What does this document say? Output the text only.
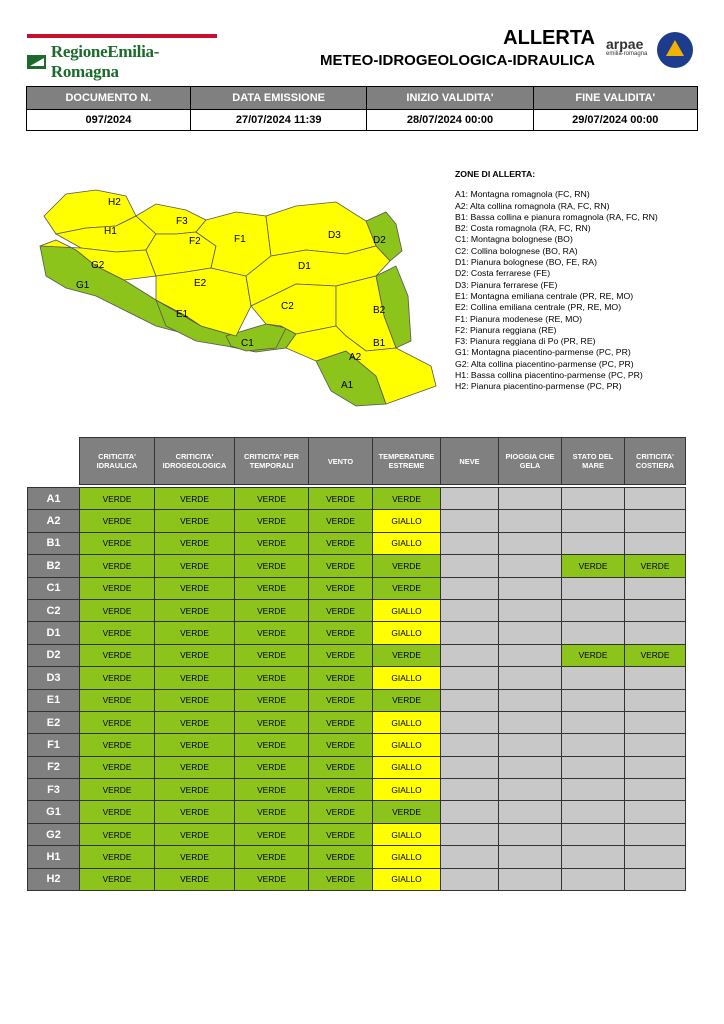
RegioneEmilia-Romagna
ALLERTA
METEO-IDROGEOLOGICA-IDRAULICA
arpae
emilia-romagna
DOCUMENTO N.	DATA EMISSIONE	INIZIO VALIDITA'	FINE VALIDITA'
097/2024	27/07/2024 11:39	28/07/2024 00:00	29/07/2024 00:00
H2
H1
G2
G1
F3
F2	F1
E2
E1
C1
C2
D1
D3	D2
B2
B1
A2
A1
ZONE DI ALLERTA:
A1: Montagna romagnola (FC, RN)
A2: Alta collina romagnola (RA, FC, RN)
B1: Bassa collina e pianura romagnola (RA, FC, RN)
B2: Costa romagnola (RA, FC, RN)
C1: Montagna bolognese (BO)
C2: Collina bolognese (BO, RA)
D1: Pianura bolognese (BO, FE, RA)
D2: Costa ferrarese (FE)
D3: Pianura ferrarese (FE)
E1: Montagna emiliana centrale (PR, RE, MO)
E2: Collina emiliana centrale (PR, RE, MO)
F1: Pianura modenese (RE, MO)
F2: Pianura reggiana (RE)
F3: Pianura reggiana di Po (PR, RE)
G1: Montagna piacentino-parmense (PC, PR)
G2: Alta collina piacentino-parmense (PC, PR)
H1: Bassa collina piacentino-parmense (PC, PR)
H2: Pianura piacentino-parmense (PC, PR)
	CRITICITA' IDRAULICA	CRITICITA' IDROGEOLOGICA	CRITICITA' PER TEMPORALI	VENTO	TEMPERATURE ESTREME	NEVE	PIOGGIA CHE GELA	STATO DEL MARE	CRITICITA' COSTIERA

A1	VERDE	VERDE	VERDE	VERDE	VERDE				
A2	VERDE	VERDE	VERDE	VERDE	GIALLO				
B1	VERDE	VERDE	VERDE	VERDE	GIALLO				
B2	VERDE	VERDE	VERDE	VERDE	VERDE			VERDE	VERDE
C1	VERDE	VERDE	VERDE	VERDE	VERDE				
C2	VERDE	VERDE	VERDE	VERDE	GIALLO				
D1	VERDE	VERDE	VERDE	VERDE	GIALLO				
D2	VERDE	VERDE	VERDE	VERDE	VERDE			VERDE	VERDE
D3	VERDE	VERDE	VERDE	VERDE	GIALLO				
E1	VERDE	VERDE	VERDE	VERDE	VERDE				
E2	VERDE	VERDE	VERDE	VERDE	GIALLO				
F1	VERDE	VERDE	VERDE	VERDE	GIALLO				
F2	VERDE	VERDE	VERDE	VERDE	GIALLO				
F3	VERDE	VERDE	VERDE	VERDE	GIALLO				
G1	VERDE	VERDE	VERDE	VERDE	VERDE				
G2	VERDE	VERDE	VERDE	VERDE	GIALLO				
H1	VERDE	VERDE	VERDE	VERDE	GIALLO				
H2	VERDE	VERDE	VERDE	VERDE	GIALLO				
